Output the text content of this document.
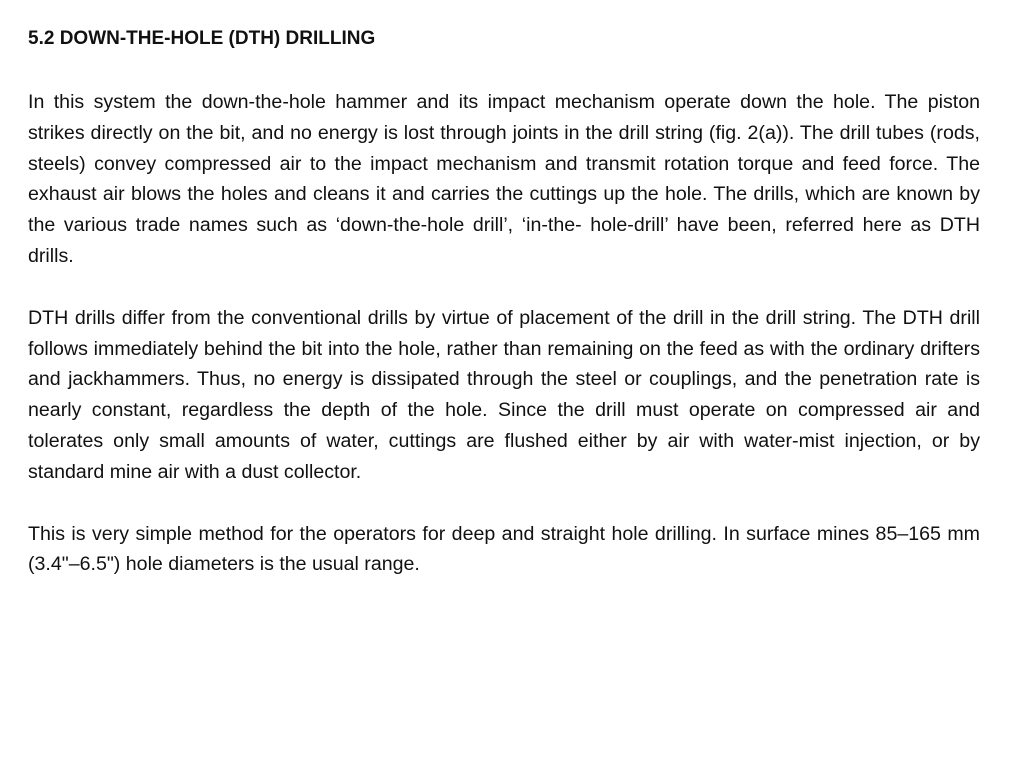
5.2 DOWN-THE-HOLE (DTH) DRILLING

In this system the down-the-hole hammer and its impact mechanism operate down the hole. The piston strikes directly on the bit, and no energy is lost through joints in the drill string (fig. 2(a)). The drill tubes (rods, steels) convey compressed air to the impact mechanism and transmit rotation torque and feed force. The exhaust air blows the holes and cleans it and carries the cuttings up the hole. The drills, which are known by the various trade names such as ‘down-the-hole drill’, ‘in-the- hole-drill’ have been, referred here as DTH drills.

DTH drills differ from the conventional drills by virtue of placement of the drill in the drill string. The DTH drill follows immediately behind the bit into the hole, rather than remaining on the feed as with the ordinary drifters and jackhammers. Thus, no energy is dissipated through the steel or couplings, and the penetration rate is nearly constant, regardless the depth of the hole. Since the drill must operate on compressed air and tolerates only small amounts of water, cuttings are flushed either by air with water-mist injection, or by standard mine air with a dust collector.

This is very simple method for the operators for deep and straight hole drilling. In surface mines 85–165 mm (3.4"–6.5") hole diameters is the usual range.
